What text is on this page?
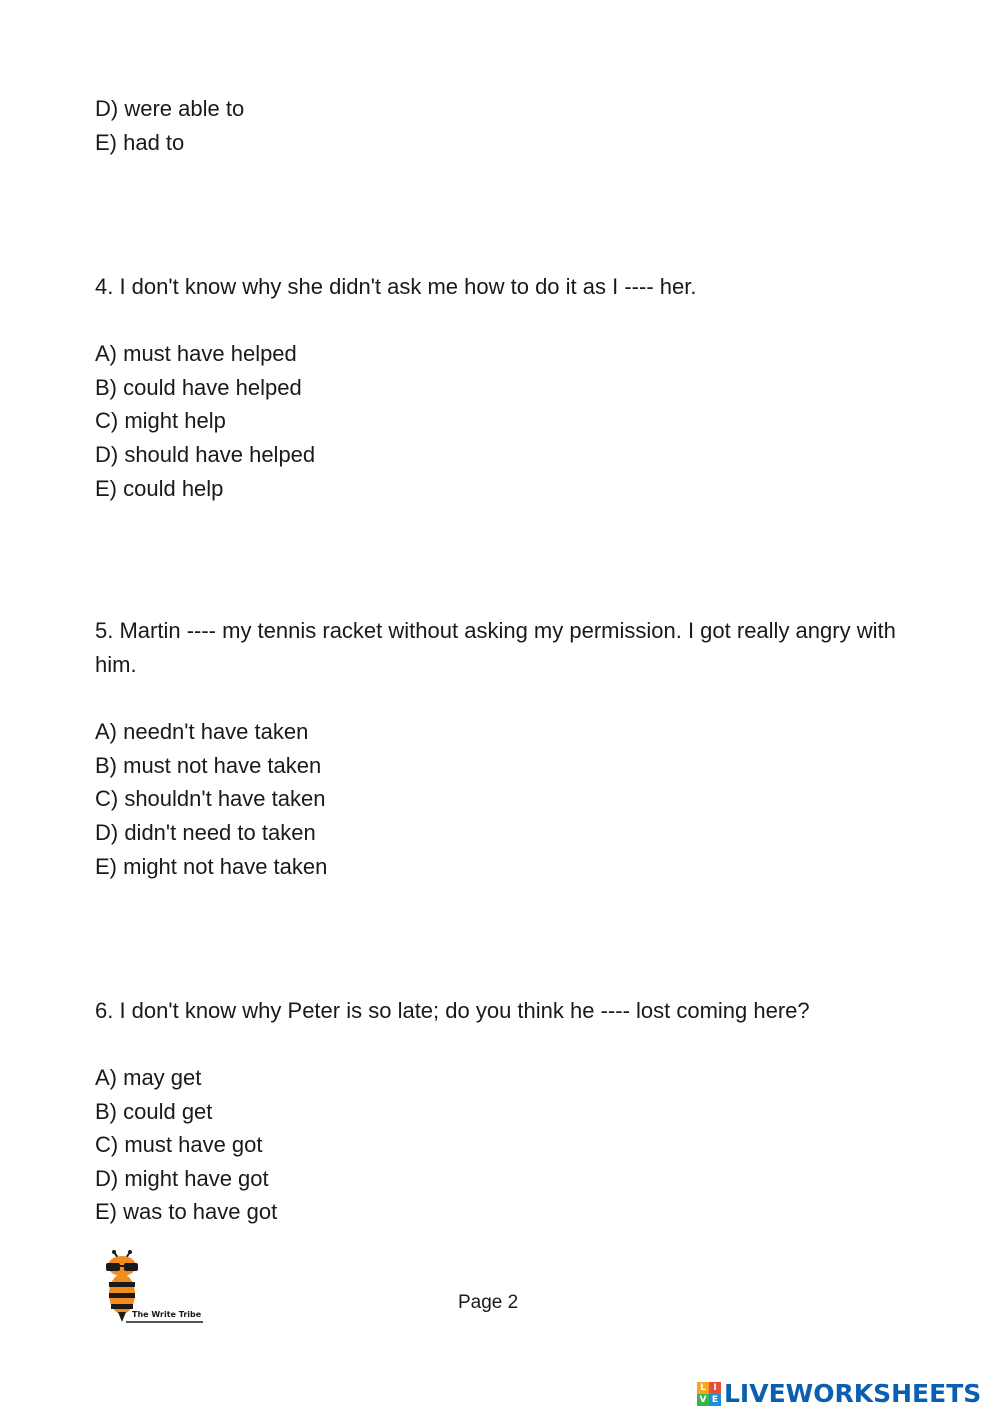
D) were able to
E) had to
4. I don't know why she didn't ask me how to do it as I ---- her.
A) must have helped
B) could have helped
C) might help
D) should have helped
E) could help
5. Martin ---- my tennis racket without asking my permission. I got really angry with him.
A) needn't have taken
B) must not have taken
C) shouldn't have taken
D) didn't need to taken
E) might not have taken
6. I don't know why Peter is so late; do you think he ---- lost coming here?
A) may get
B) could get
C) must have got
D) might have got
E) was to have got
The Write Tribe
Page 2
L I
V E LIVEWORKSHEETS
